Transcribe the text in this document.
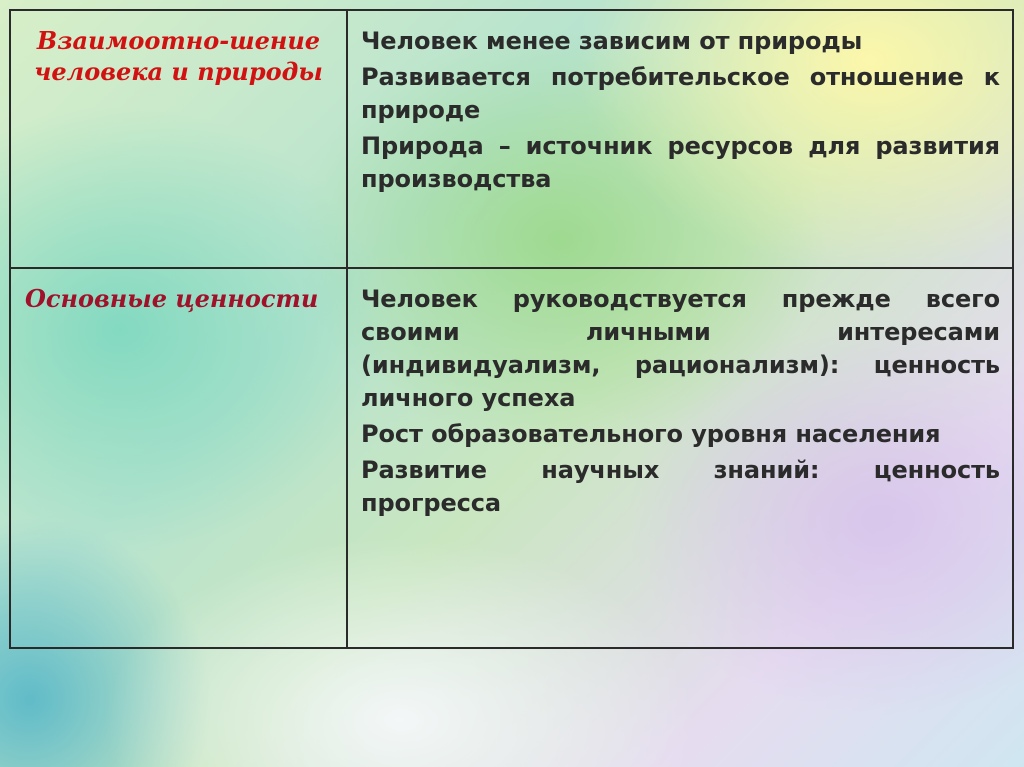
Взаимоотно-шение человека и природы	Человек менее зависим от природы

Развивается потребительское отношение к природе

Природа – источник ресурсов для развития производства

Основные ценности	Человек руководствуется прежде всего своими личными интересами (индивидуализм, рационализм): ценность личного успеха

Рост образовательного уровня населения

Развитие научных знаний: ценность прогресса
